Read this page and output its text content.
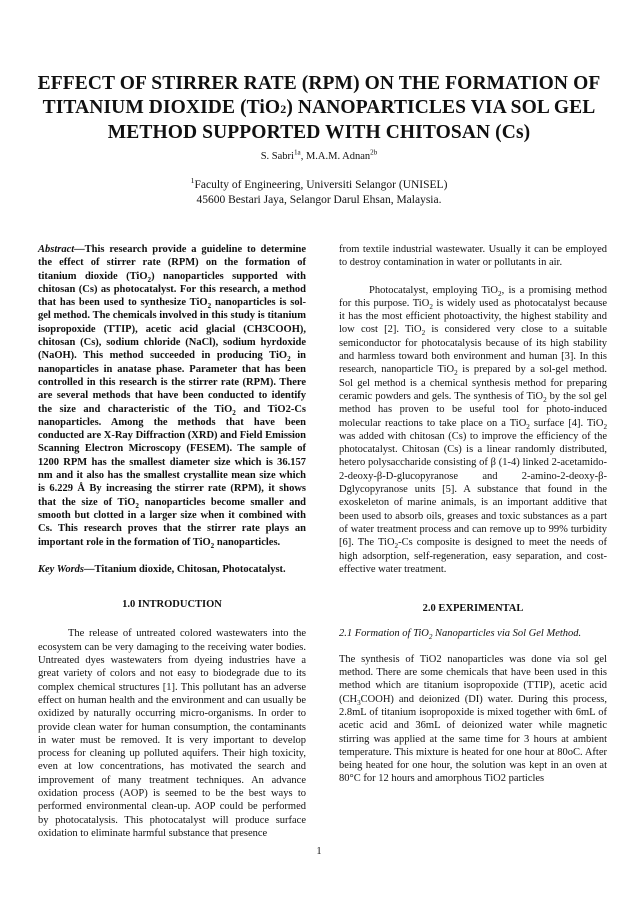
EFFECT OF STIRRER RATE (RPM) ON THE FORMATION OF
TITANIUM DIOXIDE (TiO2) NANOPARTICLES VIA SOL GEL
METHOD SUPPORTED WITH CHITOSAN (Cs)
S. Sabri$^{1a}$, M.A.M. Adnan$^{2b}$
$^1$Faculty of Engineering, Universiti Selangor (UNISEL)
45600 Bestari Jaya, Selangor Darul Ehsan, Malaysia.

Abstract—This research provide a guideline to determine the effect of stirrer rate (RPM) on the formation of titanium dioxide (TiO$_2$) nanoparticles supported with chitosan (Cs) as photocatalyst. For this research, a method that has been used to synthesize TiO$_2$ nanoparticles is sol-gel method. The chemicals involved in this study is titanium isopropoxide (TTIP), acetic acid glacial (CH3COOH), chitosan (Cs), sodium chloride (NaCl), sodium hyrdoxide (NaOH). This method succeeded in producing TiO$_2$ in nanoparticles in anatase phase. Parameter that has been controlled in this research is the stirrer rate (RPM). There are several methods that have been conducted to identify the size and characteristic of the TiO$_2$ and TiO2-Cs nanoparticles. Among the methods that have been conducted are X-Ray Diffraction (XRD) and Field Emission Scanning Electron Microscopy (FESEM). The sample of 1200 RPM has the smallest diameter size which is 36.157 nm and it also has the smallest crystallite mean size which is 6.229 Å By increasing the stirrer rate (RPM), it shows that the size of TiO$_2$ nanoparticles become smaller and smooth but clotted in a larger size when it combined with Cs. This research proves that the stirrer rate plays an important role in the formation of TiO$_2$ nanoparticles.

Key Words—Titanium dioxide, Chitosan, Photocatalyst.

1.0 INTRODUCTION

The release of untreated colored wastewaters into the ecosystem can be very damaging to the receiving water bodies. Untreated dyes wastewaters from dyeing industries have a great variety of colors and not easy to biodegrade due to its complex chemical structures [1]. This pollutant has an adverse effect on human health and the environment and can usually be oxidized by naturally occurring micro-organisms. In order to provide clean water for human consumption, the contaminants in water must be removed. It is very important to develop process for cleaning up polluted aquifers. Their high toxicity, even at low concentrations, has motivated the search and improvement of many treatment techniques. An advance oxidation process (AOP) is seemed to be the best ways to performed environmental clean-up. AOP could be performed by photocatalysis. This photocatalyst will produce surface oxidation to eliminate harmful substance that presence

from textile industrial wastewater. Usually it can be employed to destroy contamination in water or pollutants in air.

Photocatalyst, employing TiO$_2$, is a promising method for this purpose. TiO$_2$ is widely used as photocatalyst because it has the most efficient photoactivity, the highest stability and low cost [2]. TiO$_2$ is considered very close to a suitable semiconductor for photocatalysis because of its high stability and harmless toward both environment and human [3]. In this research, nanoparticle TiO$_2$ is prepared by a sol-gel method. Sol gel method is a chemical synthesis method for preparing ceramic powders and gels. The synthesis of TiO$_2$ by the sol gel method has proven to be useful tool for photo-induced molecular reactions to take place on a TiO$_2$ surface [4]. TiO$_2$ was added with chitosan (Cs) to improve the efficiency of the photocatalyst. Chitosan (Cs) is a linear randomly distributed, hetero polysaccharide consisting of β (1-4) linked 2-acetamido-2-deoxy-β-D-glucopyranose and 2-amino-2-deoxy-β-Dglycopyranose units [5]. A substance that found in the exoskeleton of marine animals, is an important additive that been used to absorb oils, greases and toxic substances as a part of water treatment process and can remove up to 99% turbidity [6]. The TiO$_2$-Cs composite is designed to meet the needs of high adsorption, self-regeneration, easy separation, and cost-effective water treatment.

2.0 EXPERIMENTAL

2.1 Formation of TiO$_2$ Nanoparticles via Sol Gel Method.

The synthesis of TiO2 nanoparticles was done via sol gel method. There are some chemicals that have been used in this method which are titanium isopropoxide (TTIP), acetic acid $(CH_3COOH)$ and deionized (DI) water. During this process, 2.8mL of titanium isopropoxide is mixed together with 6mL of acetic acid and 36mL of deionized water while magnetic stirring was applied at the same time for 3 hours at ambient temperature. This mixture is heated for one hour at 80oC. After being heated for one hour, the solution was kept in an oven at 80°C for 12 hours and amorphous TiO2 particles

1
